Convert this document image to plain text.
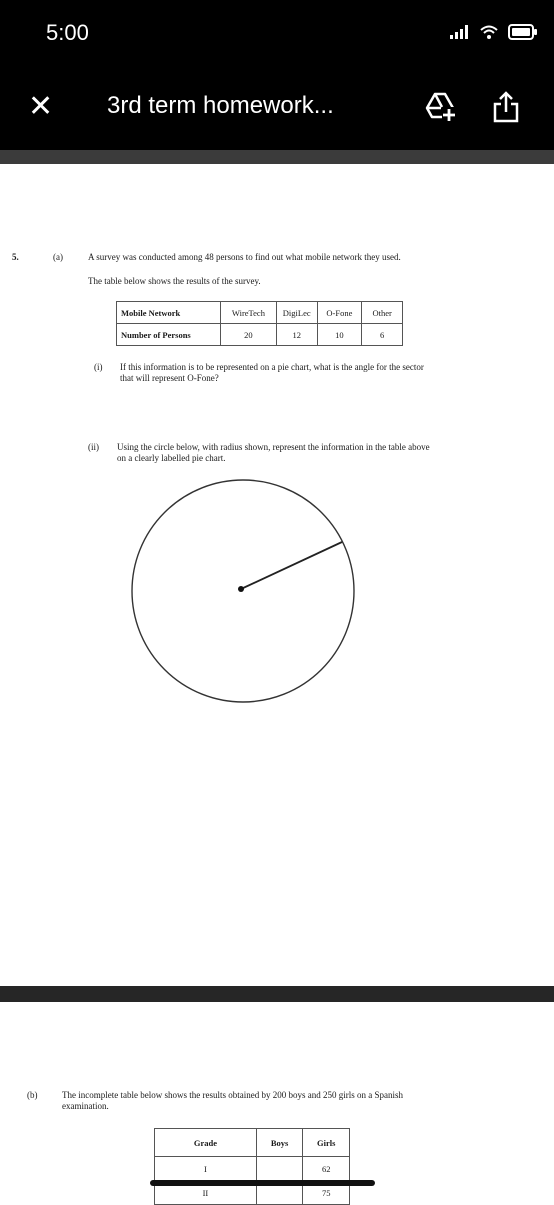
5:00
✕ 3rd term homework...
5.	(a)	A survey was conducted among 48 persons to find out what mobile network they used.
The table below shows the results of the survey.
Mobile Network	WireTech	DigiLec	O-Fone	Other
Number of Persons	20	12	10	6
(i) If this information is to be represented on a pie chart, what is the angle for the sector
that will represent O-Fone?
(ii) Using the circle below, with radius shown, represent the information in the table above
on a clearly labelled pie chart.
(b)	The incomplete table below shows the results obtained by 200 boys and 250 girls on a Spanish
examination.
Grade	Boys	Girls
I		62
II		75
